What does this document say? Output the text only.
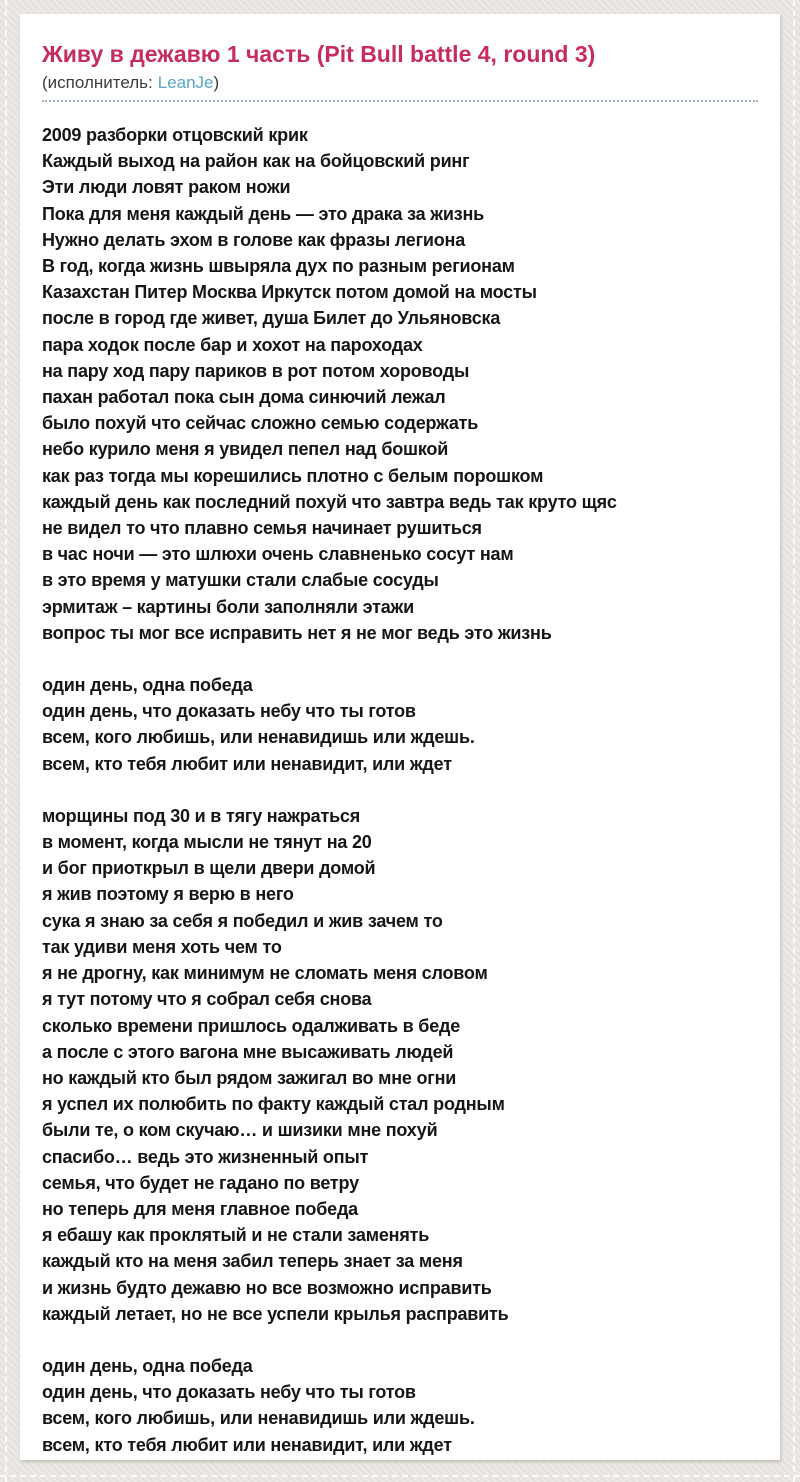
Живу в дежавю 1 часть (Pit Bull battle 4, round 3)
(исполнитель: LeanJe)
2009 разборки отцовский крик
Каждый выход на район как на бойцовский ринг
Эти люди ловят раком ножи
Пока для меня каждый день — это драка за жизнь
Нужно делать эхом в голове как фразы легиона
В год, когда жизнь швыряла дух по разным регионам
Казахстан Питер Москва Иркутск потом домой на мосты
после в город где живет, душа Билет до Ульяновска
пара ходок после бар и хохот на пароходах
на пару ход пару париков в рот потом хороводы
пахан работал пока сын дома синючий лежал
было похуй что сейчас сложно семью содержать
небо курило меня я увидел пепел над бошкой
как раз тогда мы корешились плотно с белым порошком
каждый день как последний похуй что завтра ведь так круто щяс
не видел то что плавно семья начинает рушиться
в час ночи — это шлюхи очень славненько сосут нам
в это время у матушки стали слабые сосуды
эрмитаж – картины боли заполняли этажи
вопрос ты мог все исправить нет я не мог ведь это жизнь
один день, одна победа
один день, что доказать небу что ты готов
всем, кого любишь, или ненавидишь или ждешь.
всем, кто тебя любит или ненавидит, или ждет
морщины под 30 и в тягу нажраться
в момент, когда мысли не тянут на 20
и бог приоткрыл в щели двери домой
я жив поэтому я верю в него
сука я знаю за себя я победил и жив зачем то
так удиви меня хоть чем то
я не дрогну, как минимум не сломать меня словом
я тут потому что я собрал себя снова
сколько времени пришлось одалживать в беде
а после с этого вагона мне высаживать людей
но каждый кто был рядом зажигал во мне огни
я успел их полюбить по факту каждый стал родным
были те, о ком скучаю… и шизики мне похуй
спасибо… ведь это жизненный опыт
семья, что будет не гадано по ветру
но теперь для меня главное победа
я ебашу как проклятый и не стали заменять
каждый кто на меня забил теперь знает за меня
и жизнь будто дежавю но все возможно исправить
каждый летает, но не все успели крылья расправить
один день, одна победа
один день, что доказать небу что ты готов
всем, кого любишь, или ненавидишь или ждешь.
всем, кто тебя любит или ненавидит, или ждет
